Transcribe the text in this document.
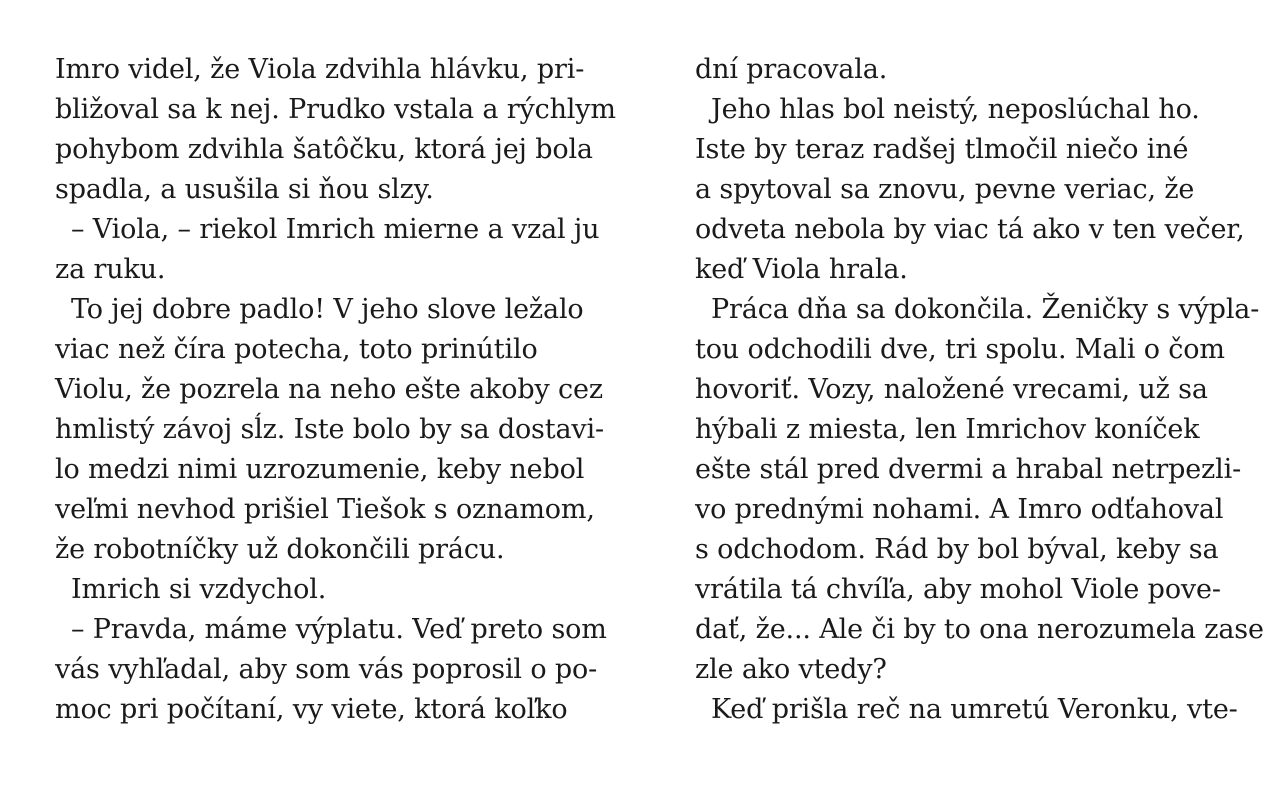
Imro videl, že Viola zdvihla hlávku, pri-
bližoval sa k nej. Prudko vstala a rýchlym
pohybom zdvihla šatôčku, ktorá jej bola
spadla, a usušila si ňou slzy.
– Viola, – riekol Imrich mierne a vzal ju
za ruku.
To jej dobre padlo! V jeho slove ležalo
viac než číra potecha, toto prinútilo
Violu, že pozrela na neho ešte akoby cez
hmlistý závoj sĺz. Iste bolo by sa dostavi-
lo medzi nimi uzrozumenie, keby nebol
veľmi nevhod prišiel Tiešok s oznamom,
že robotníčky už dokončili prácu.
Imrich si vzdychol.
– Pravda, máme výplatu. Veď preto som
vás vyhľadal, aby som vás poprosil o po-
moc pri počítaní, vy viete, ktorá koľko
dní pracovala.
Jeho hlas bol neistý, neposlúchal ho.
Iste by teraz radšej tlmočil niečo iné
a spytoval sa znovu, pevne veriac, že
odveta nebola by viac tá ako v ten večer,
keď Viola hrala.
Práca dňa sa dokončila. Ženičky s výpla-
tou odchodili dve, tri spolu. Mali o čom
hovoriť. Vozy, naložené vrecami, už sa
hýbali z miesta, len Imrichov koníček
ešte stál pred dvermi a hrabal netrpezli-
vo prednými nohami. A Imro odťahoval
s odchodom. Rád by bol býval, keby sa
vrátila tá chvíľa, aby mohol Viole pove-
dať, že... Ale či by to ona nerozumela zase
zle ako vtedy?
Keď prišla reč na umretú Veronku, vte-
